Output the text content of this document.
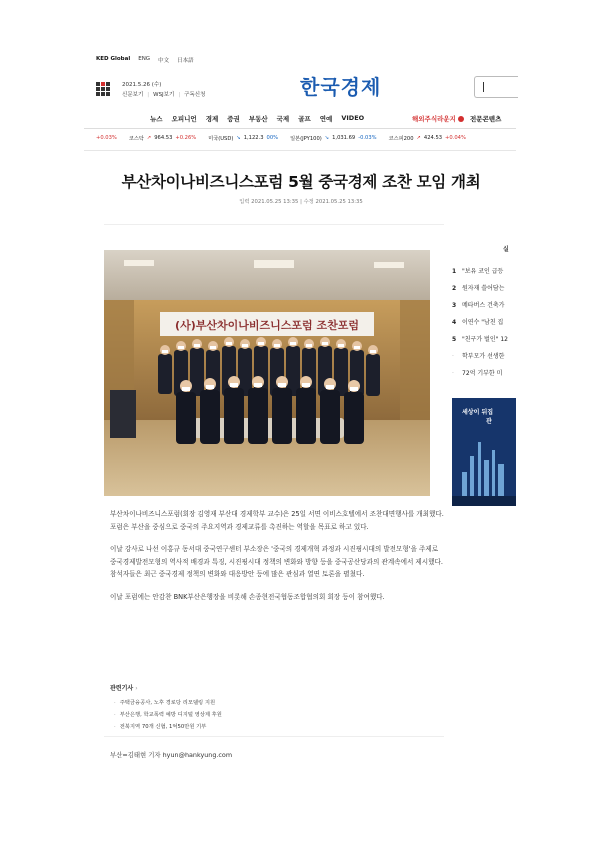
KED Global ENG 中文 日本語
2021.5.26 (수)
신문보기 | WSJ보기 | 구독신청	한국경제
뉴스 오피니언 경제 증권 부동산 국제 골프 연예 VIDEO	해외주식라운지 전문콘텐츠
+0.03% 코스닥 ↗ 964.53 +0.26% 미국(USD) ↘ 1,122.3 00% 일본(JPY100) ↘ 1,031.69 -0.03% 코스피200 ↗ 424.53 +0.04%
부산차이나비즈니스포럼 5월 중국경제 조찬 모임 개최
입력 2021.05.25 13:35 | 수정 2021.05.25 13:35
(사)부산차이나비즈니스포럼 조찬포럼
실
1 "보유 코인 급등
2 원자재 쓸어담는
3 메타버스 건축가
4 이연수 "남친 집
5 "친구가 벌인" 12
· 학부모가 선생한
· 72억 기부한 미
세상이 뒤집
관

부산차이나비즈니스포럼(회장 김영재 부산대 경제학부 교수)은 25일 서면 이비스호텔에서 조찬대면행사를 개최했다. 포럼은 부산을 중심으로 중국의 주요지역과 경제교류를 촉진하는 역할을 목표로 하고 있다.

이날 강사로 나선 이홍규 동서대 중국연구센터 부소장은 '중국의 경제개혁 과정과 시진핑시대의 발전모형'을 주제로 중국경제발전모형의 역사적 배경과 특징, 시진핑시대 정책의 변화와 방향 등을 중국공산당과의 관계속에서 제시했다. 참석자들은 최근 중국경제 정책의 변화와 대응방안 등에 많은 관심과 열띤 토론을 펼쳤다.

이날 포럼에는 안감찬 BNK부산은행장을 비롯해 손종현전국협동조합협의회 회장 등이 참여했다.

관련기사 ›
· 주택금융공사, 노후 경로당 리모델링 지원
· 부산은행, 학교폭력 예방 디지털 영상제 후원
· 전북지역 70개 신협, 1억50만원 기부
부산=김태현 기자 hyun@hankyung.com
